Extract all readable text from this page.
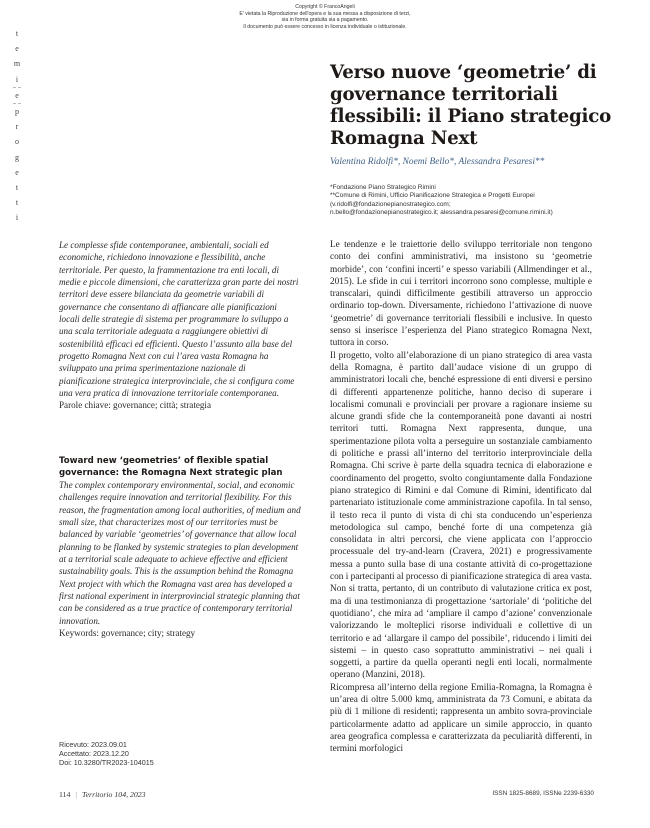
Copyright © FrancoAngeli
E' vietata la Riproduzione dell'opera e la sua messa a disposizione di terzi,
sia in forma gratuita sia a pagamento.
Il documento può essere concesso in licenza individuale o istituzionale.
t
e
m
i
e
p
r
o
g
e
t
t
i
Verso nuove ‘geometrie’ di governance territoriali flessibili: il Piano strategico Romagna Next
Valentina Ridolfi*, Noemi Bello*, Alessandra Pesaresi**
*Fondazione Piano Strategico Rimini
**Comune di Rimini, Ufficio Pianificazione Strategica e Progetti Europei
(v.ridolfi@fondazionepianostrategico.com;
n.bello@fondazionepianostrategico.it; alessandra.pesaresi@comune.rimini.it)
Le complesse sfide contemporanee, ambientali, sociali ed economiche, richiedono innovazione e flessibilità, anche territoriale. Per questo, la frammentazione tra enti locali, di medie e piccole dimensioni, che caratterizza gran parte dei nostri territori deve essere bilanciata da geometrie variabili di governance che consentano di affiancare alle pianificazioni locali delle strategie di sistema per programmare lo sviluppo a una scala territoriale adeguata a raggiungere obiettivi di sostenibilità efficaci ed efficienti. Questo l’assunto alla base del progetto Romagna Next con cui l’area vasta Romagna ha sviluppato una prima sperimentazione nazionale di pianificazione strategica interprovinciale, che si configura come una vera pratica di innovazione territoriale contemporanea.
Parole chiave: governance; città; strategia
Toward new ‘geometries’ of flexible spatial governance: the Romagna Next strategic plan
The complex contemporary environmental, social, and economic challenges require innovation and territorial flexibility. For this reason, the fragmentation among local authorities, of medium and small size, that characterizes most of our territories must be balanced by variable ‘geometries’ of governance that allow local planning to be flanked by systemic strategies to plan development at a territorial scale adequate to achieve effective and efficient sustainability goals. This is the assumption behind the Romagna Next project with which the Romagna vast area has developed a first national experiment in interprovincial strategic planning that can be considered as a true practice of contemporary territorial innovation.
Keywords: governance; city; strategy
Ricevuto: 2023.09.01
Accettato: 2023.12.20
Doi: 10.3280/TR2023-104015

Le tendenze e le traiettorie dello sviluppo territoriale non tengono conto dei confini amministrativi, ma insistono su ‘geometrie morbide’, con ‘confini incerti’ e spesso variabili (Allmendinger et al., 2015). Le sfide in cui i territori incorrono sono complesse, multiple e transcalari, quindi difficilmente gestibili attraverso un approccio ordinario top-down. Diversamente, richiedono l’attivazione di nuove ‘geometrie’ di governance territoriali flessibili e inclusive. In questo senso si inserisce l’esperienza del Piano strategico Romagna Next, tuttora in corso.

Il progetto, volto all’elaborazione di un piano strategico di area vasta della Romagna, è partito dall’audace visione di un gruppo di amministratori locali che, benché espressione di enti diversi e persino di differenti appartenenze politiche, hanno deciso di superare i localismi comunali e provinciali per provare a ragionare insieme su alcune grandi sfide che la contemporaneità pone davanti ai nostri territori tutti. Romagna Next rappresenta, dunque, una sperimentazione pilota volta a perseguire un sostanziale cambiamento di politiche e prassi all’interno del territorio interprovinciale della Romagna. Chi scrive è parte della squadra tecnica di elaborazione e coordinamento del progetto, svolto congiuntamente dalla Fondazione piano strategico di Rimini e dal Comune di Rimini, identificato dal partenariato istituzionale come amministrazione capofila. In tal senso, il testo reca il punto di vista di chi sta conducendo un’esperienza metodologica sul campo, benché forte di una competenza già consolidata in altri percorsi, che viene applicata con l’approccio processuale del try-and-learn (Cravera, 2021) e progressivamente messa a punto sulla base di una costante attività di co-progettazione con i partecipanti al processo di pianificazione strategica di area vasta. Non si tratta, pertanto, di un contributo di valutazione critica ex post, ma di una testimonianza di progettazione ‘sartoriale’ di ‘politiche del quotidiano’, che mira ad ‘ampliare il campo d’azione’ convenzionale valorizzando le molteplici risorse individuali e collettive di un territorio e ad ‘allargare il campo del possibile’, riducendo i limiti dei sistemi – in questo caso soprattutto amministrativi – nei quali i soggetti, a partire da quella operanti negli enti locali, normalmente operano (Manzini, 2018).

Ricompresa all’interno della regione Emilia-Romagna, la Romagna è un’area di oltre 5.000 kmq, amministrata da 73 Comuni, e abitata da più di 1 milione di residenti; rappresenta un ambito sovra-provinciale particolarmente adatto ad applicare un simile approccio, in quanto area geografica complessa e caratterizzata da peculiarità differenti, in termini morfologici

114 | Territorio 104, 2023	ISSN 1825-8689, ISSNe 2239-6330
